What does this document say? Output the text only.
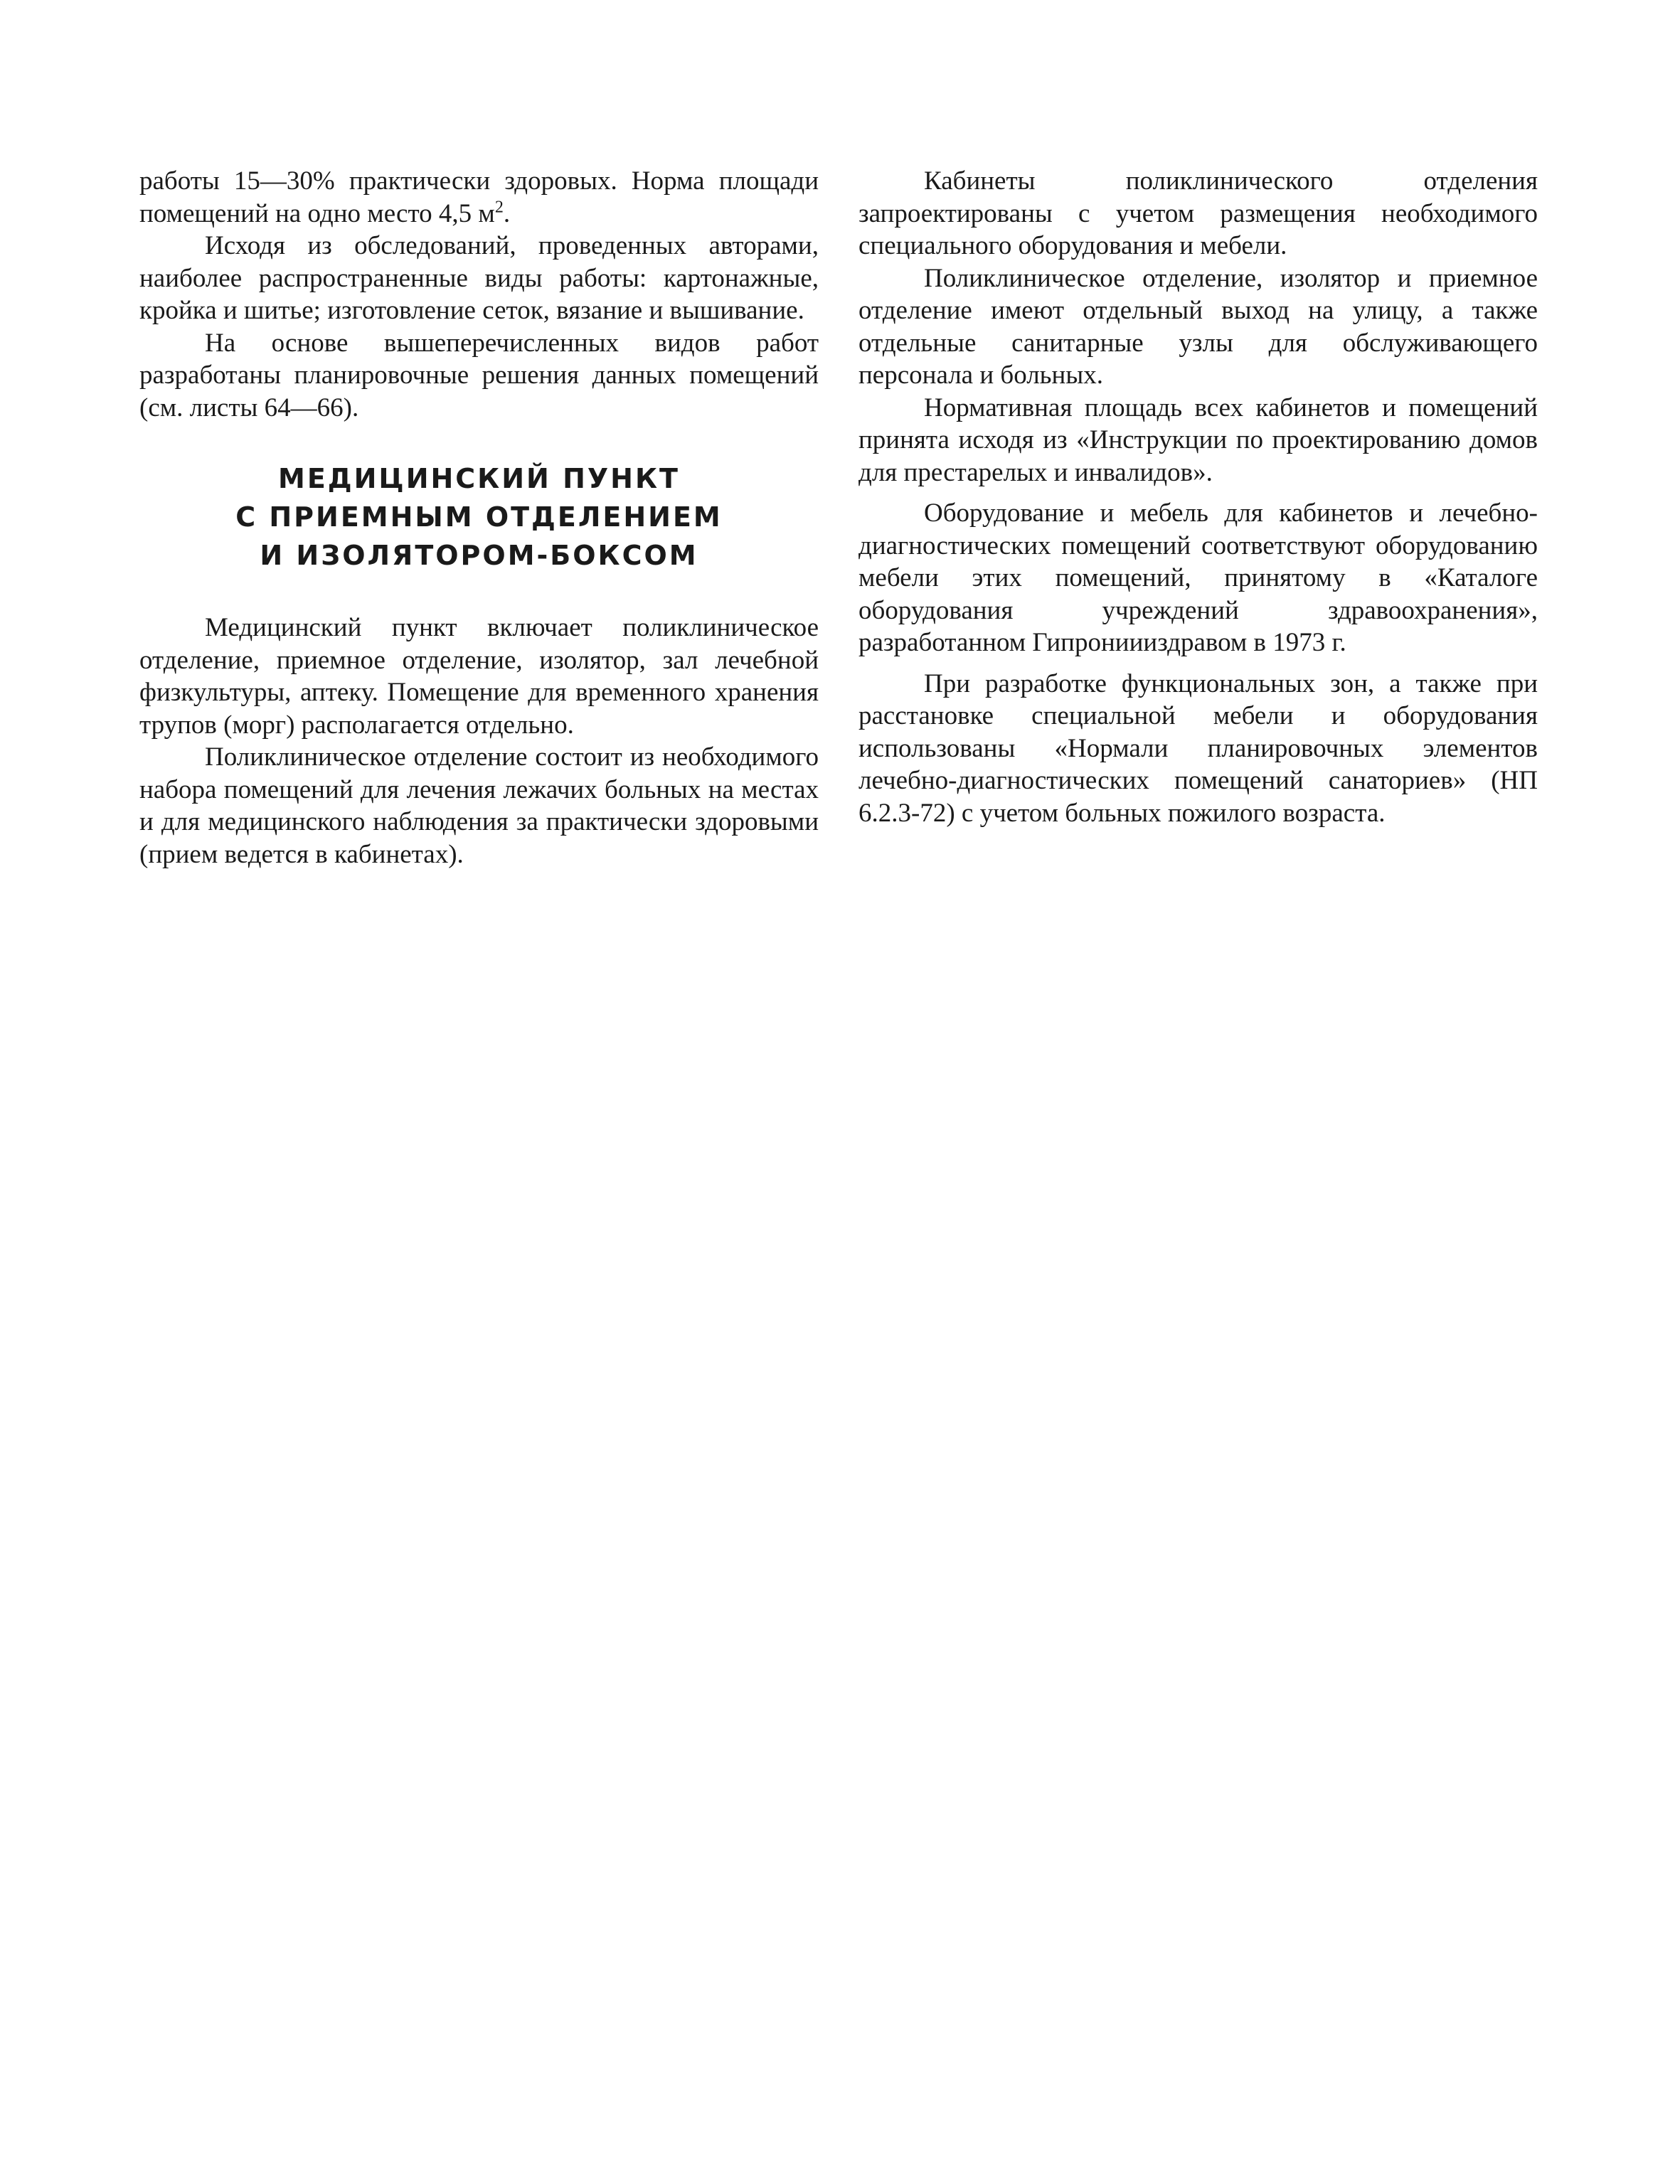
работы 15—30% практически здоровых. Норма площади помещений на одно место 4,5 $м^2$.

Исходя из обследований, проведенных авторами, наиболее распространенные виды работы: картонажные, кройка и шитье; изготовление сеток, вязание и вышивание.

На основе вышеперечисленных видов работ разработаны планировочные решения данных помещений (см. листы 64—66).

МЕДИЦИНСКИЙ ПУНКТ
С ПРИЕМНЫМ ОТДЕЛЕНИЕМ
И ИЗОЛЯТОРОМ-БОКСОМ

Медицинский пункт включает поликлиническое отделение, приемное отделение, изолятор, зал лечебной физкультуры, аптеку. Помещение для временного хранения трупов (морг) располагается отдельно.

Поликлиническое отделение состоит из необходимого набора помещений для лечения лежачих больных на местах и для медицинского наблюдения за практически здоровыми (прием ведется в кабинетах).

Кабинеты поликлинического отделения запроектированы с учетом размещения необходимого специального оборудования и мебели.

Поликлиническое отделение, изолятор и приемное отделение имеют отдельный выход на улицу, а также отдельные санитарные узлы для обслуживающего персонала и больных.

Нормативная площадь всех кабинетов и помещений принята исходя из «Инструкции по проектированию домов для престарелых и инвалидов».

Оборудование и мебель для кабинетов и лечебно-диагностических помещений соответствуют оборудованию мебели этих помещений, принятому в «Каталоге оборудования учреждений здравоохранения», разработанном Гипрониииздравом в 1973 г.

При разработке функциональных зон, а также при расстановке специальной мебели и оборудования использованы «Нормали планировочных элементов лечебно-диагностических помещений санаториев» (НП 6.2.3-72) с учетом больных пожилого возраста.
